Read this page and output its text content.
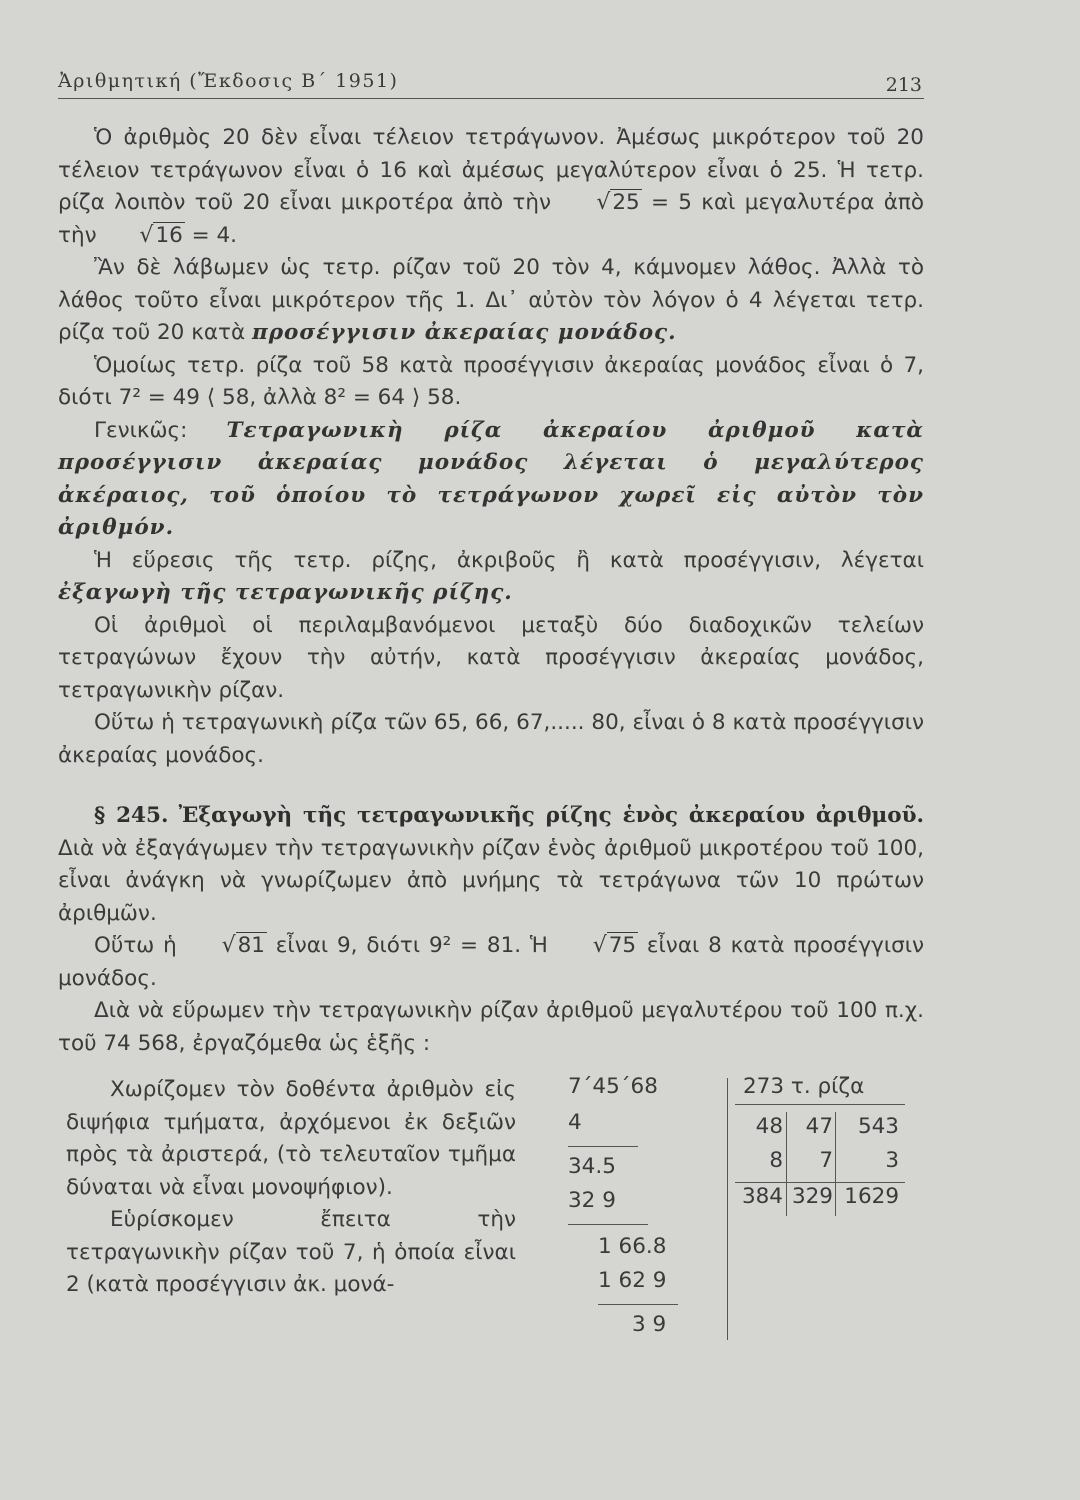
Ἀριθμητική (Ἔκδοσις Β΄ 1951)	213

Ὁ ἀριθμὸς 20 δὲν εἶναι τέλειον τετράγωνον. Ἀμέσως μικρότερον τοῦ 20 τέλειον τετράγωνον εἶναι ὁ 16 καὶ ἀμέσως μεγαλύτερον εἶναι ὁ 25. Ἡ τετρ. ρίζα λοιπὸν τοῦ 20 εἶναι μικροτέρα ἀπὸ τὴν √25 = 5 καὶ μεγαλυτέρα ἀπὸ τὴν √16 = 4.

Ἂν δὲ λάβωμεν ὡς τετρ. ρίζαν τοῦ 20 τὸν 4, κάμνομεν λάθος. Ἀλλὰ τὸ λάθος τοῦτο εἶναι μικρότερον τῆς 1. Δι᾿ αὐτὸν τὸν λόγον ὁ 4 λέγεται τετρ. ρίζα τοῦ 20 κατὰ προσέγγισιν ἀκεραίας μονάδος.

Ὁμοίως τετρ. ρίζα τοῦ 58 κατὰ προσέγγισιν ἀκεραίας μονάδος εἶναι ὁ 7, διότι 7² = 49 ⟨ 58, ἀλλὰ 8² = 64 ⟩ 58.

Γενικῶς: Τετραγωνικὴ ρίζα ἀκεραίου ἀριθμοῦ κατὰ προσέγγισιν ἀκεραίας μονάδος λέγεται ὁ μεγαλύτερος ἀκέραιος, τοῦ ὁποίου τὸ τετράγωνον χωρεῖ εἰς αὐτὸν τὸν ἀριθμόν.

Ἡ εὕρεσις τῆς τετρ. ρίζης, ἀκριβοῦς ἢ κατὰ προσέγγισιν, λέγεται ἐξαγωγὴ τῆς τετραγωνικῆς ρίζης.

Οἱ ἀριθμοὶ οἱ περιλαμβανόμενοι μεταξὺ δύο διαδοχικῶν τελείων τετραγώνων ἔχουν τὴν αὐτήν, κατὰ προσέγγισιν ἀκεραίας μονάδος, τετραγωνικὴν ρίζαν.

Οὕτω ἡ τετραγωνικὴ ρίζα τῶν 65, 66, 67,..... 80, εἶναι ὁ 8 κατὰ προσέγγισιν ἀκεραίας μονάδος.

§ 245. Ἐξαγωγὴ τῆς τετραγωνικῆς ρίζης ἑνὸς ἀκεραίου ἀριθμοῦ. Διὰ νὰ ἐξαγάγωμεν τὴν τετραγωνικὴν ρίζαν ἑνὸς ἀριθμοῦ μικροτέρου τοῦ 100, εἶναι ἀνάγκη νὰ γνωρίζωμεν ἀπὸ μνήμης τὰ τετράγωνα τῶν 10 πρώτων ἀριθμῶν.

Οὕτω ἡ √81 εἶναι 9, διότι 9² = 81. Ἡ √75 εἶναι 8 κατὰ προσέγγισιν μονάδος.

Διὰ νὰ εὕρωμεν τὴν τετραγωνικὴν ρίζαν ἀριθμοῦ μεγαλυτέρου τοῦ 100 π.χ. τοῦ 74 568, ἐργαζόμεθα ὡς ἑξῆς :

Χωρίζομεν τὸν δοθέντα ἀριθμὸν εἰς διψήφια τμήματα, ἀρχόμενοι ἐκ δεξιῶν πρὸς τὰ ἀριστερά, (τὸ τελευταῖον τμῆμα δύναται νὰ εἶναι μονοψήφιον).

Εὑρίσκομεν ἔπειτα τὴν τετραγωνικὴν ρίζαν τοῦ 7, ἡ ὁποία εἶναι 2 (κατὰ προσέγγισιν ἀκ. μονά-

7΄45΄68
4
34.5
32 9
1 66.8
1 62 9
3 9
273 τ. ρίζα
48	47	543
8	7	3
384 329 1629
